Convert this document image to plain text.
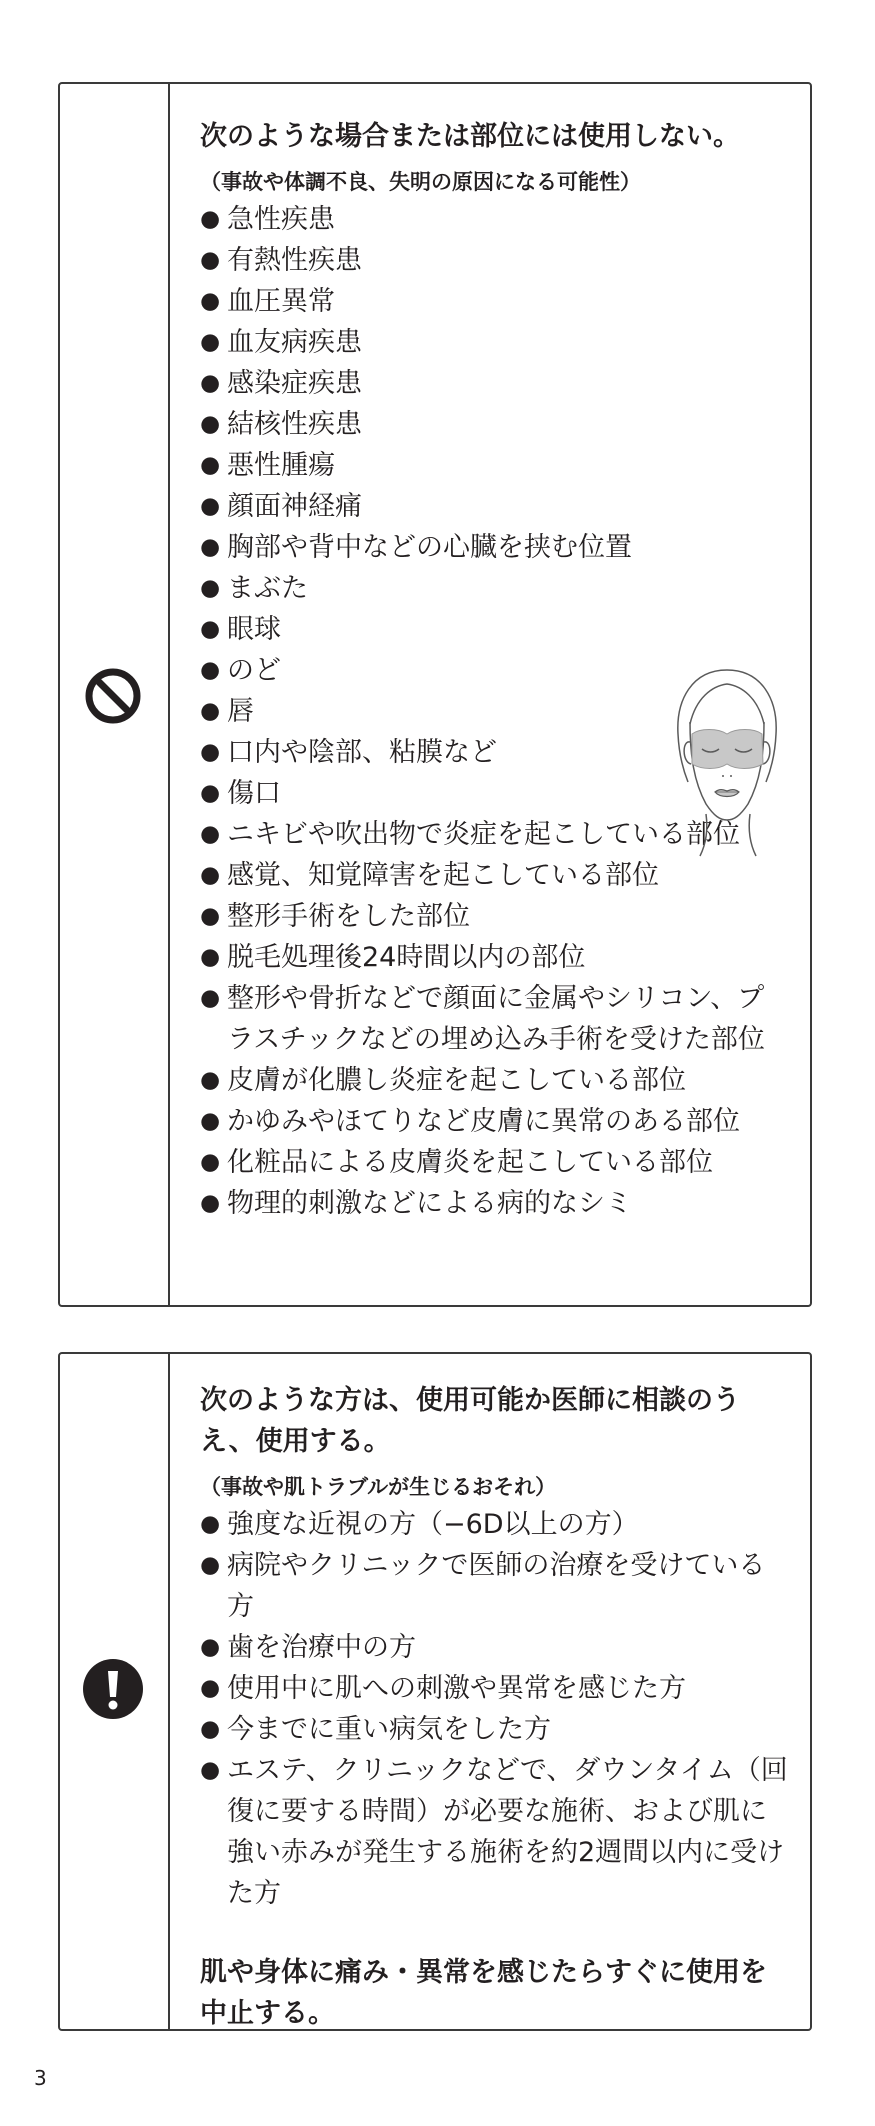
次のような場合または部位には使用しない。

（事故や体調不良、失明の原因になる可能性）

● 急性疾患
● 有熱性疾患
● 血圧異常
● 血友病疾患
● 感染症疾患
● 結核性疾患
● 悪性腫瘍
● 顔面神経痛
● 胸部や背中などの心臓を挟む位置
● まぶた
● 眼球
● のど
● 唇
● 口内や陰部、粘膜など
● 傷口
● ニキビや吹出物で炎症を起こしている部位
● 感覚、知覚障害を起こしている部位
● 整形手術をした部位
● 脱毛処理後24時間以内の部位
● 整形や骨折などで顔面に金属やシリコン、プラスチックなどの埋め込み手術を受けた部位
● 皮膚が化膿し炎症を起こしている部位
● かゆみやほてりなど皮膚に異常のある部位
● 化粧品による皮膚炎を起こしている部位
● 物理的刺激などによる病的なシミ

次のような方は、使用可能か医師に相談のうえ、使用する。

（事故や肌トラブルが生じるおそれ）

● 強度な近視の方（−6D以上の方）
● 病院やクリニックで医師の治療を受けている方
● 歯を治療中の方
● 使用中に肌への刺激や異常を感じた方
● 今までに重い病気をした方
● エステ、クリニックなどで、ダウンタイム（回復に要する時間）が必要な施術、および肌に強い赤みが発生する施術を約2週間以内に受けた方

肌や身体に痛み・異常を感じたらすぐに使用を中止する。

3
